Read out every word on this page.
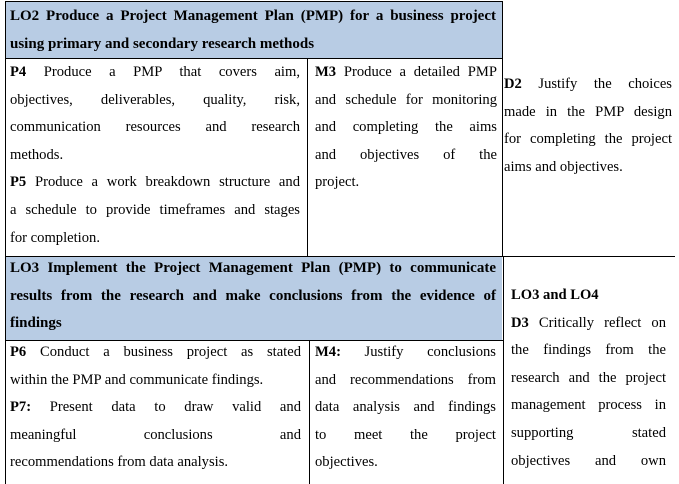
LO2 Produce a Project Management Plan (PMP) for a business project
using primary and secondary research methods
P4 Produce a PMP that covers aim,
objectives, deliverables, quality, risk,
communication resources and research
methods.
P5 Produce a work breakdown structure and
a schedule to provide timeframes and stages
for completion.
M3 Produce a detailed PMP
and schedule for monitoring
and completing the aims
and objectives of the
project.
D2 Justify the choices
made in the PMP design
for completing the project
aims and objectives.
LO3 Implement the Project Management Plan (PMP) to communicate
results from the research and make conclusions from the evidence of
findings
P6 Conduct a business project as stated
within the PMP and communicate findings.
P7: Present data to draw valid and
meaningful conclusions and
recommendations from data analysis.
M4: Justify conclusions
and recommendations from
data analysis and findings
to meet the project
objectives.
LO3 and LO4
D3 Critically reflect on
the findings from the
research and the project
management process in
supporting stated
objectives and own
